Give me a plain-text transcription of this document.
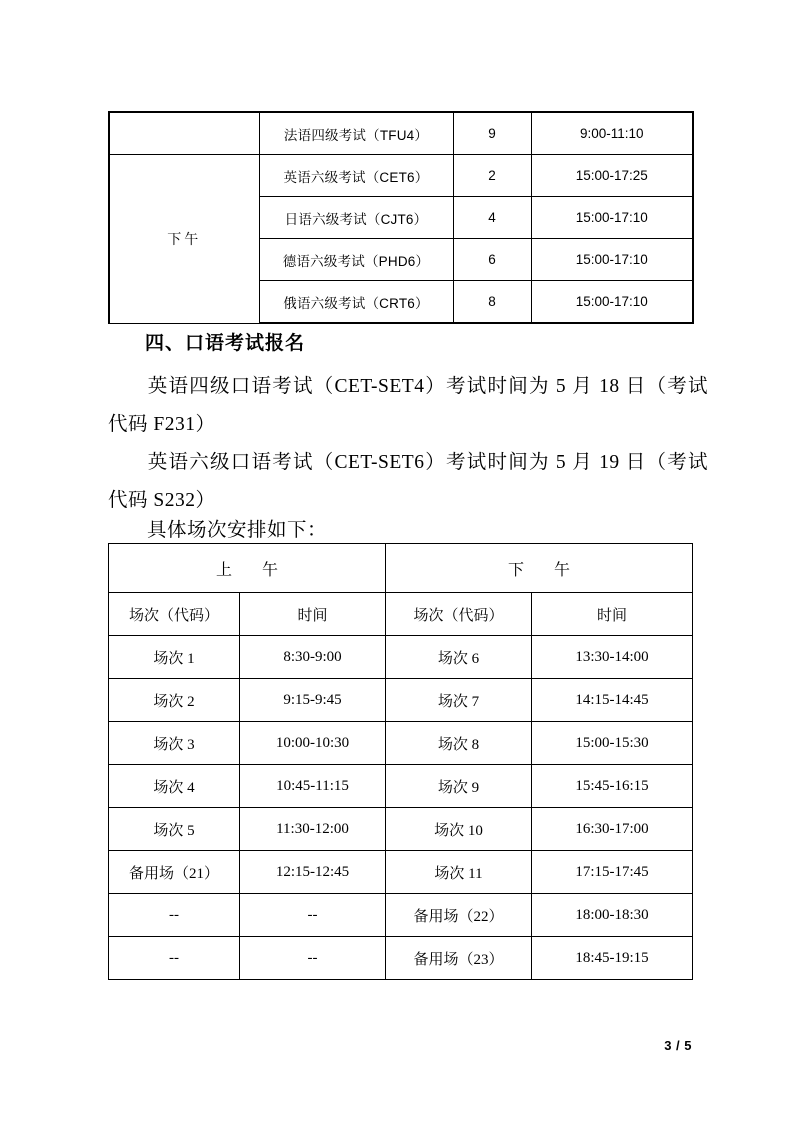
	法语四级考试（TFU4）	9	9:00-11:10
下午	英语六级考试（CET6）	2	15:00-17:25
	日语六级考试（CJT6）	4	15:00-17:10
	德语六级考试（PHD6）	6	15:00-17:10
	俄语六级考试（CRT6）	8	15:00-17:10
四、口语考试报名
英语四级口语考试（CET-SET4）考试时间为 5 月 18 日（考试代码 F231）
英语六级口语考试（CET-SET6）考试时间为 5 月 19 日（考试代码 S232）
具体场次安排如下：
上　午		下　午	
场次（代码）	时间	场次（代码）	时间
场次 1	8:30-9:00	场次 6	13:30-14:00
场次 2	9:15-9:45	场次 7	14:15-14:45
场次 3	10:00-10:30	场次 8	15:00-15:30
场次 4	10:45-11:15	场次 9	15:45-16:15
场次 5	11:30-12:00	场次 10	16:30-17:00
备用场（21）	12:15-12:45	场次 11	17:15-17:45
--	--	备用场（22）	18:00-18:30
--	--	备用场（23）	18:45-19:15
3 / 5
